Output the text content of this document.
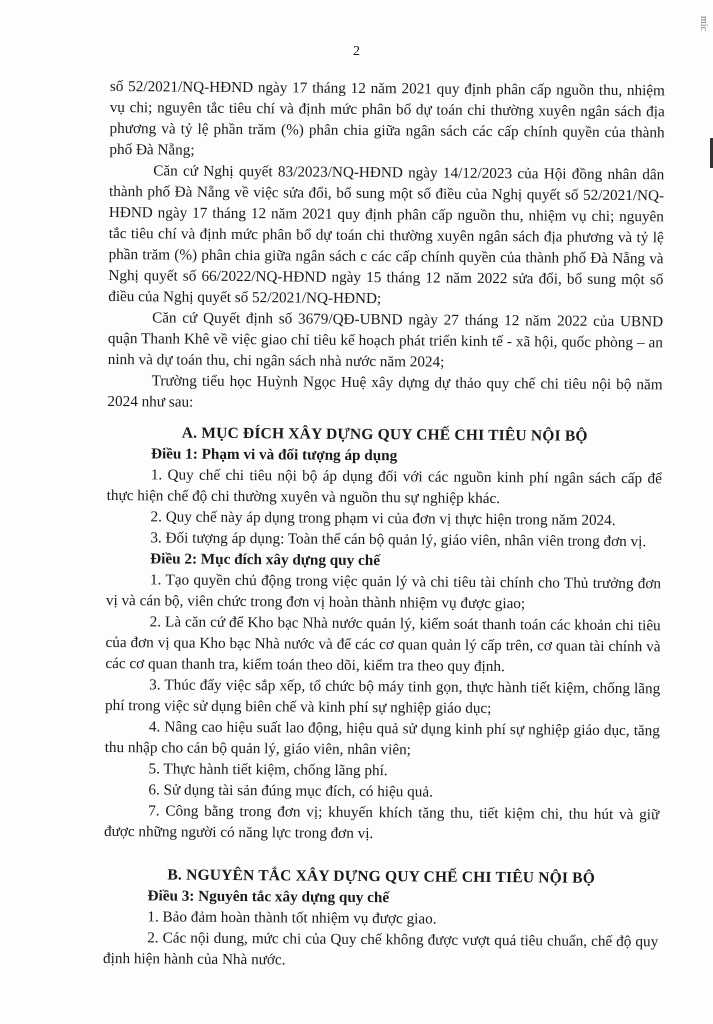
mic
2

số 52/2021/NQ-HĐND ngày 17 tháng 12 năm 2021 quy định phân cấp nguồn thu, nhiệm vụ chi; nguyên tắc tiêu chí và định mức phân bổ dự toán chi thường xuyên ngân sách địa phương và tỷ lệ phần trăm (%) phân chia giữa ngân sách các cấp chính quyền của thành phố Đà Nẵng;

Căn cứ Nghị quyết 83/2023/NQ-HĐND ngày 14/12/2023 của Hội đồng nhân dân thành phố Đà Nẵng về việc sửa đổi, bổ sung một số điều của Nghị quyết số 52/2021/NQ-HĐND ngày 17 tháng 12 năm 2021 quy định phân cấp nguồn thu, nhiệm vụ chi; nguyên tắc tiêu chí và định mức phân bổ dự toán chi thường xuyên ngân sách địa phương và tỷ lệ phần trăm (%) phân chia giữa ngân sách c các cấp chính quyền của thành phố Đà Nẵng và Nghị quyết số 66/2022/NQ-HĐND ngày 15 tháng 12 năm 2022 sửa đổi, bổ sung một số điều của Nghị quyết số 52/2021/NQ-HĐND;

Căn cứ Quyết định số 3679/QĐ-UBND ngày 27 tháng 12 năm 2022 của UBND quận Thanh Khê về việc giao chỉ tiêu kế hoạch phát triển kinh tế - xã hội, quốc phòng – an ninh và dự toán thu, chi ngân sách nhà nước năm 2024;

Trường tiểu học Huỳnh Ngọc Huệ xây dựng dự thảo quy chế chi tiêu nội bộ năm 2024 như sau:

A. MỤC ĐÍCH XÂY DỰNG QUY CHẾ CHI TIÊU NỘI BỘ

Điều 1: Phạm vi và đối tượng áp dụng

1. Quy chế chi tiêu nội bộ áp dụng đối với các nguồn kinh phí ngân sách cấp để thực hiện chế độ chi thường xuyên và nguồn thu sự nghiệp khác.

2. Quy chế này áp dụng trong phạm vi của đơn vị thực hiện trong năm 2024.

3. Đối tượng áp dụng: Toàn thể cán bộ quản lý, giáo viên, nhân viên trong đơn vị.

Điều 2: Mục đích xây dựng quy chế

1. Tạo quyền chủ động trong việc quản lý và chi tiêu tài chính cho Thủ trưởng đơn vị và cán bộ, viên chức trong đơn vị hoàn thành nhiệm vụ được giao;

2. Là căn cứ để Kho bạc Nhà nước quản lý, kiểm soát thanh toán các khoản chi tiêu của đơn vị qua Kho bạc Nhà nước và để các cơ quan quản lý cấp trên, cơ quan tài chính và các cơ quan thanh tra, kiểm toán theo dõi, kiểm tra theo quy định.

3. Thúc đẩy việc sắp xếp, tổ chức bộ máy tinh gọn, thực hành tiết kiệm, chống lãng phí trong việc sử dụng biên chế và kinh phí sự nghiệp giáo dục;

4. Nâng cao hiệu suất lao động, hiệu quả sử dụng kinh phí sự nghiệp giáo dục, tăng thu nhập cho cán bộ quản lý, giáo viên, nhân viên;

5. Thực hành tiết kiệm, chống lãng phí.

6. Sử dụng tài sản đúng mục đích, có hiệu quả.

7. Công bằng trong đơn vị; khuyến khích tăng thu, tiết kiệm chi, thu hút và giữ được những người có năng lực trong đơn vị.

B. NGUYÊN TẮC XÂY DỰNG QUY CHẾ CHI TIÊU NỘI BỘ

Điều 3: Nguyên tắc xây dựng quy chế

1. Bảo đảm hoàn thành tốt nhiệm vụ được giao.

2. Các nội dung, mức chi của Quy chế không được vượt quá tiêu chuẩn, chế độ quy định hiện hành của Nhà nước.
